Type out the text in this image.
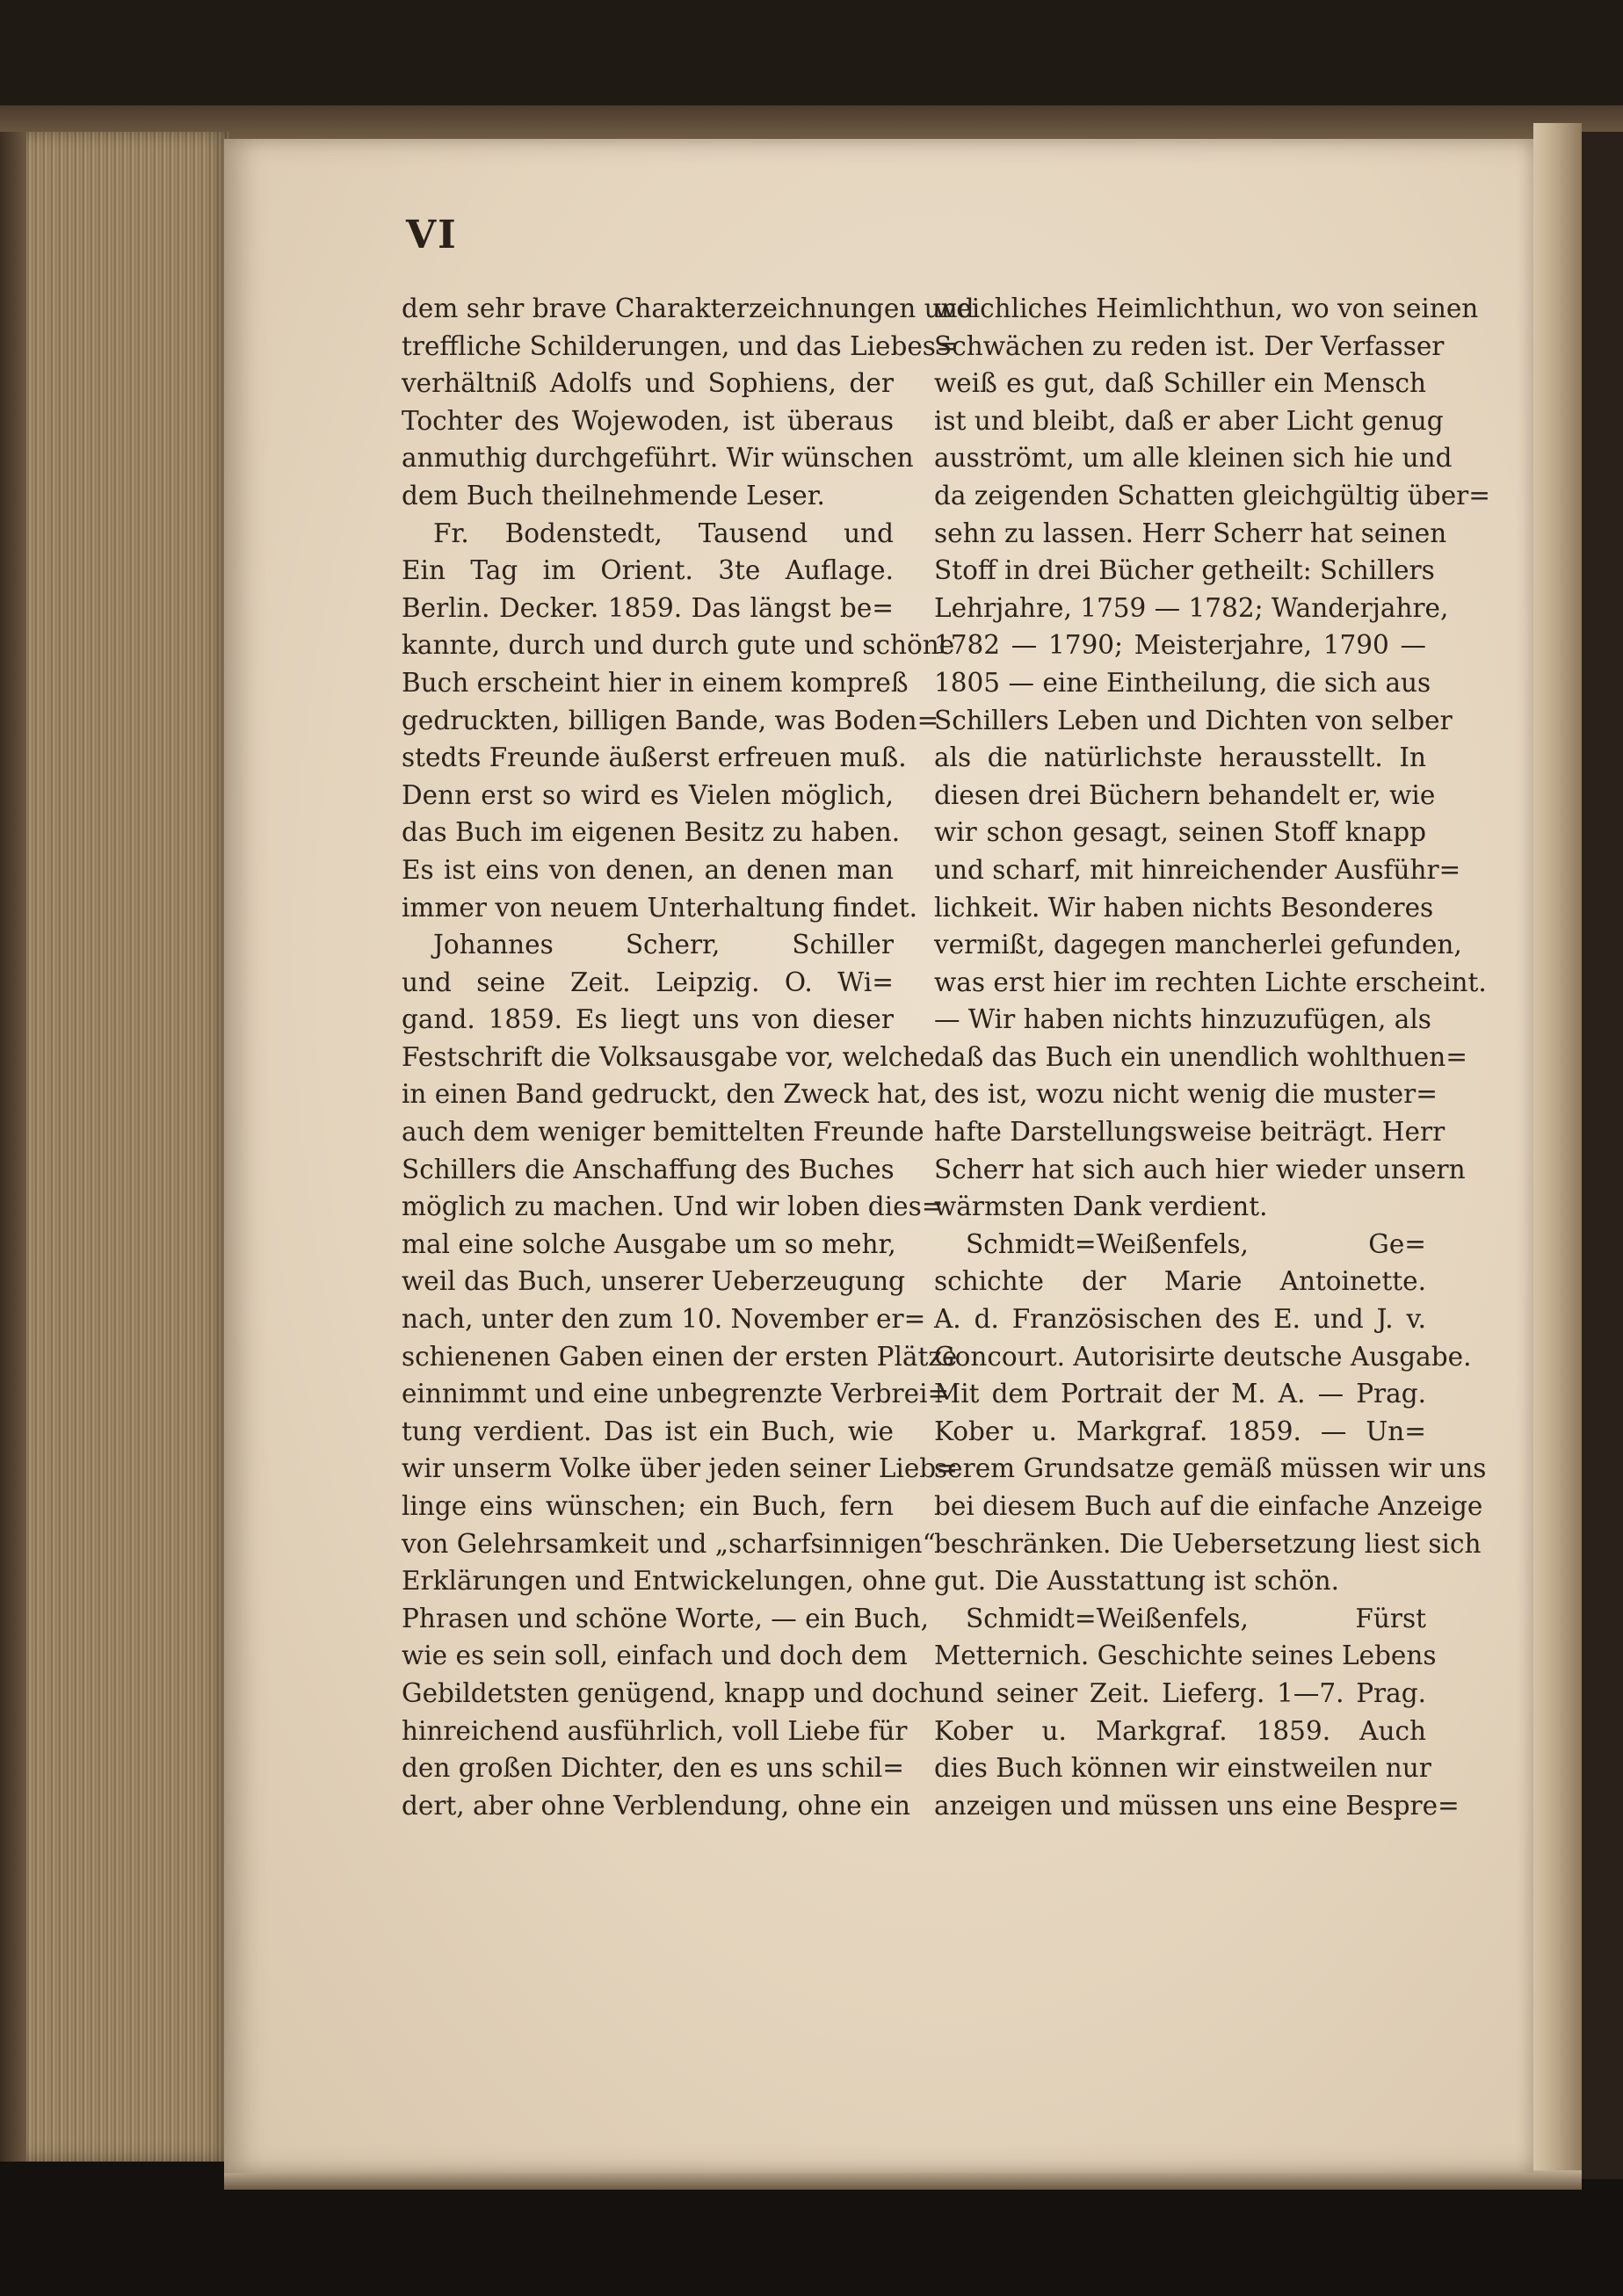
VI
dem sehr brave Charakterzeichnungen und
treffliche Schilderungen, und das Liebes=
verhältniß Adolfs und Sophiens, der
Tochter des Wojewoden, ist überaus
anmuthig durchgeführt. Wir wünschen
dem Buch theilnehmende Leser.
Fr. Bodenstedt, Tausend und
Ein Tag im Orient. 3te Auflage.
Berlin. Decker. 1859. Das längst be=
kannte, durch und durch gute und schöne
Buch erscheint hier in einem kompreß
gedruckten, billigen Bande, was Boden=
stedts Freunde äußerst erfreuen muß.
Denn erst so wird es Vielen möglich,
das Buch im eigenen Besitz zu haben.
Es ist eins von denen, an denen man
immer von neuem Unterhaltung findet.
Johannes Scherr, Schiller
und seine Zeit. Leipzig. O. Wi=
gand. 1859. Es liegt uns von dieser
Festschrift die Volksausgabe vor, welche
in einen Band gedruckt, den Zweck hat,
auch dem weniger bemittelten Freunde
Schillers die Anschaffung des Buches
möglich zu machen. Und wir loben dies=
mal eine solche Ausgabe um so mehr,
weil das Buch, unserer Ueberzeugung
nach, unter den zum 10. November er=
schienenen Gaben einen der ersten Plätze
einnimmt und eine unbegrenzte Verbrei=
tung verdient. Das ist ein Buch, wie
wir unserm Volke über jeden seiner Lieb=
linge eins wünschen; ein Buch, fern
von Gelehrsamkeit und „scharfsinnigen“
Erklärungen und Entwickelungen, ohne
Phrasen und schöne Worte, — ein Buch,
wie es sein soll, einfach und doch dem
Gebildetsten genügend, knapp und doch
hinreichend ausführlich, voll Liebe für
den großen Dichter, den es uns schil=
dert, aber ohne Verblendung, ohne ein
weichliches Heimlichthun, wo von seinen
Schwächen zu reden ist. Der Verfasser
weiß es gut, daß Schiller ein Mensch
ist und bleibt, daß er aber Licht genug
ausströmt, um alle kleinen sich hie und
da zeigenden Schatten gleichgültig über=
sehn zu lassen. Herr Scherr hat seinen
Stoff in drei Bücher getheilt: Schillers
Lehrjahre, 1759 — 1782; Wanderjahre,
1782 — 1790; Meisterjahre, 1790 —
1805 — eine Eintheilung, die sich aus
Schillers Leben und Dichten von selber
als die natürlichste herausstellt. In
diesen drei Büchern behandelt er, wie
wir schon gesagt, seinen Stoff knapp
und scharf, mit hinreichender Ausführ=
lichkeit. Wir haben nichts Besonderes
vermißt, dagegen mancherlei gefunden,
was erst hier im rechten Lichte erscheint.
— Wir haben nichts hinzuzufügen, als
daß das Buch ein unendlich wohlthuen=
des ist, wozu nicht wenig die muster=
hafte Darstellungsweise beiträgt. Herr
Scherr hat sich auch hier wieder unsern
wärmsten Dank verdient.
Schmidt=Weißenfels, Ge=
schichte der Marie Antoinette.
A. d. Französischen des E. und J. v.
Goncourt. Autorisirte deutsche Ausgabe.
Mit dem Portrait der M. A. — Prag.
Kober u. Markgraf. 1859. — Un=
serem Grundsatze gemäß müssen wir uns
bei diesem Buch auf die einfache Anzeige
beschränken. Die Uebersetzung liest sich
gut. Die Ausstattung ist schön.
Schmidt=Weißenfels, Fürst
Metternich. Geschichte seines Lebens
und seiner Zeit. Lieferg. 1—7. Prag.
Kober u. Markgraf. 1859. Auch
dies Buch können wir einstweilen nur
anzeigen und müssen uns eine Bespre=
